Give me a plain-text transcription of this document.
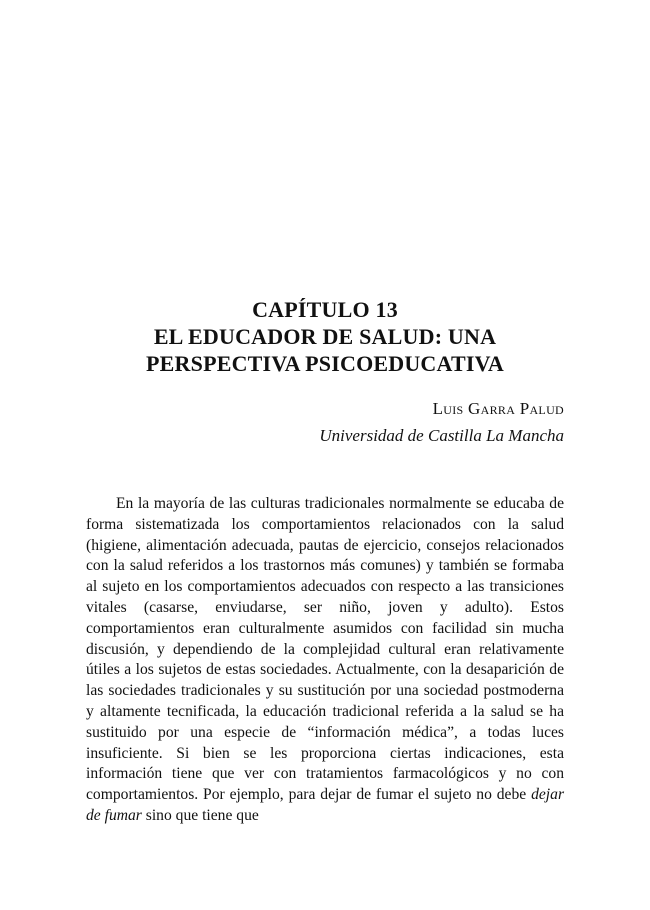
CAPÍTULO 13
EL EDUCADOR DE SALUD: UNA
PERSPECTIVA PSICOEDUCATIVA
Luis Garra Palud
Universidad de Castilla La Mancha

En la mayoría de las culturas tradicionales normalmente se educaba de forma sistematizada los comportamientos relacionados con la salud (higiene, alimentación adecuada, pautas de ejercicio, consejos relacionados con la salud referidos a los trastornos más comunes) y también se formaba al sujeto en los comportamientos adecuados con respecto a las transiciones vitales (casarse, enviudarse, ser niño, joven y adulto). Estos comportamientos eran culturalmente asumidos con facilidad sin mucha discusión, y dependiendo de la complejidad cultural eran relativamente útiles a los sujetos de estas sociedades. Actualmente, con la desaparición de las sociedades tradicionales y su sustitución por una sociedad postmoderna y altamente tecnificada, la educación tradicional referida a la salud se ha sustituido por una especie de “información médica”, a todas luces insuficiente. Si bien se les proporciona ciertas indicaciones, esta información tiene que ver con tratamientos farmacológicos y no con comportamientos. Por ejemplo, para dejar de fumar el sujeto no debe dejar de fumar sino que tiene que
